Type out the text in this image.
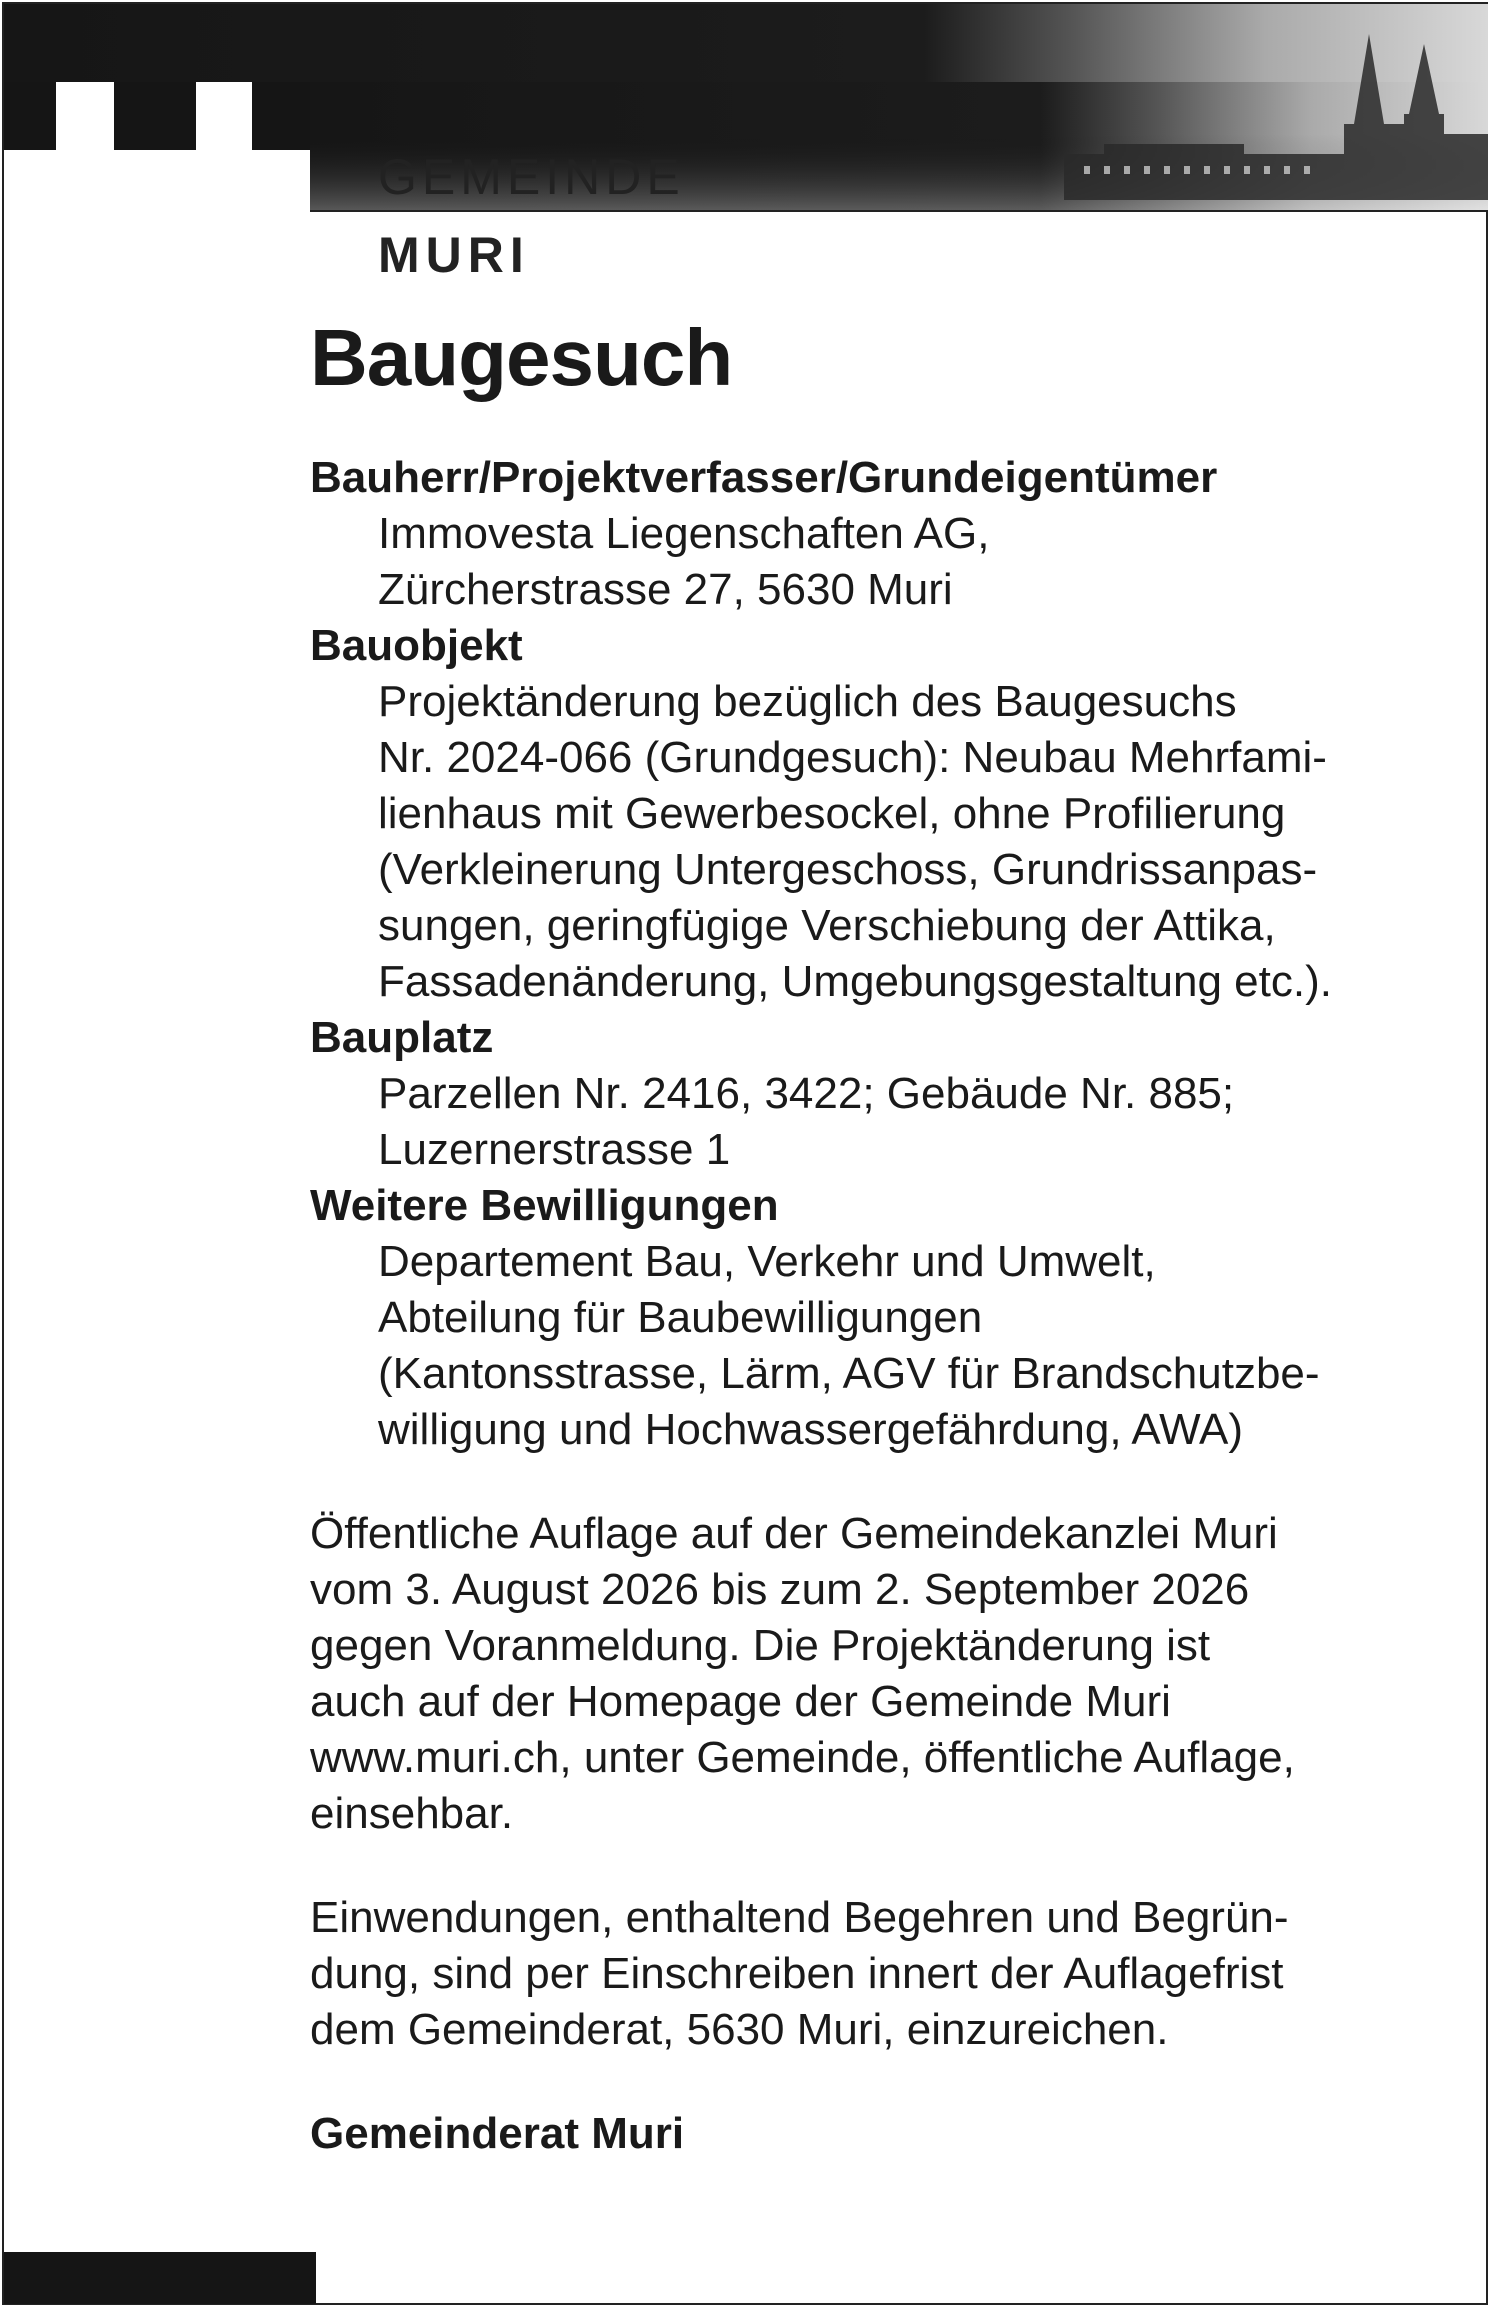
GEMEINDE
MURI
Baugesuch
Bauherr/Projektverfasser/Grundeigentümer
Immovesta Liegenschaften AG,
Zürcherstrasse 27, 5630 Muri
Bauobjekt
Projektänderung bezüglich des Baugesuchs
Nr. 2024-066 (Grundgesuch): Neubau Mehrfami-
lienhaus mit Gewerbesockel, ohne Profilierung
(Verkleinerung Untergeschoss, Grundrissanpas-
sungen, geringfügige Verschiebung der Attika,
Fassadenänderung, Umgebungsgestaltung etc.).
Bauplatz
Parzellen Nr. 2416, 3422; Gebäude Nr. 885;
Luzernerstrasse 1
Weitere Bewilligungen
Departement Bau, Verkehr und Umwelt,
Abteilung für Baubewilligungen
(Kantonsstrasse, Lärm, AGV für Brandschutzbe-
willigung und Hochwassergefährdung, AWA)
Öffentliche Auflage auf der Gemeindekanzlei Muri
vom 3. August 2026 bis zum 2. September 2026
gegen Voranmeldung. Die Projektänderung ist
auch auf der Homepage der Gemeinde Muri
www.muri.ch, unter Gemeinde, öffentliche Auflage,
einsehbar.
Einwendungen, enthaltend Begehren und Begrün-
dung, sind per Einschreiben innert der Auflagefrist
dem Gemeinderat, 5630 Muri, einzureichen.
Gemeinderat Muri
